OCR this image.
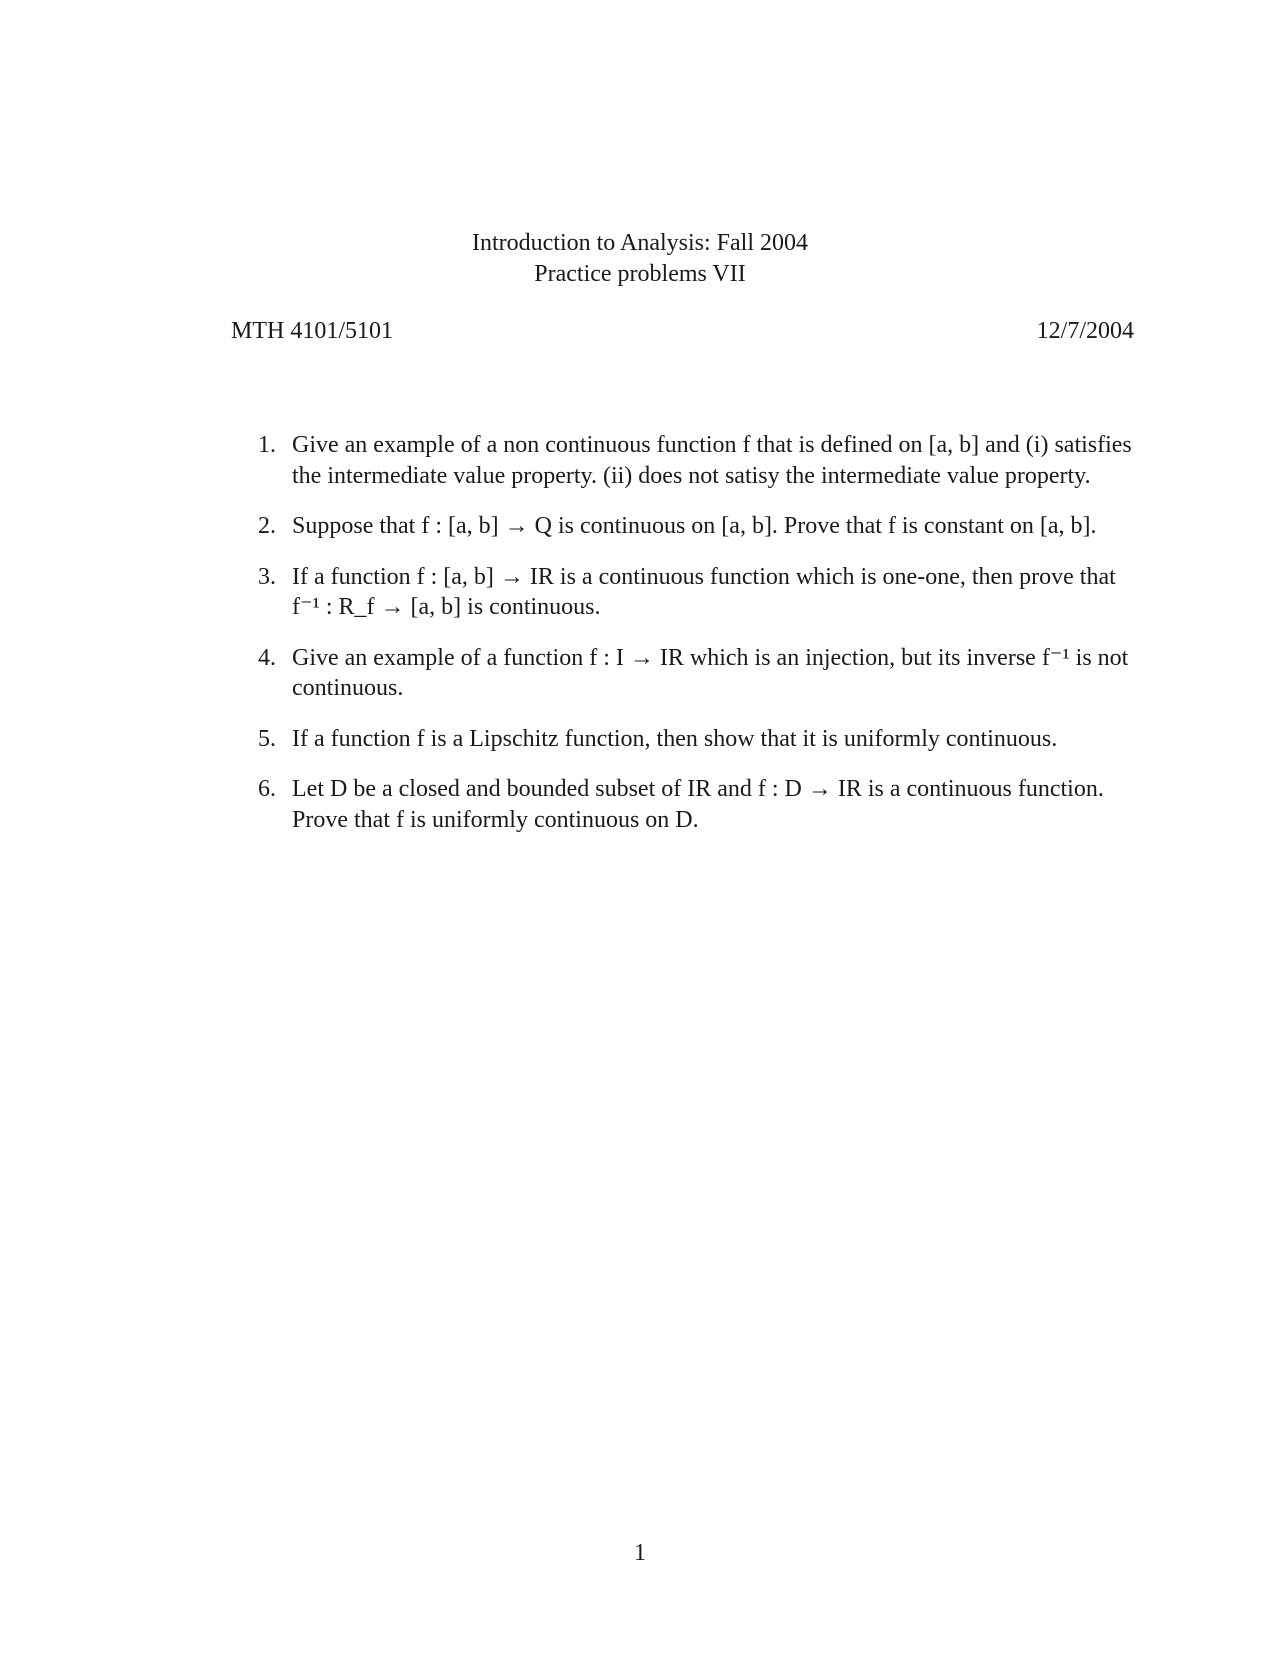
Introduction to Analysis: Fall 2004
Practice problems VII
MTH 4101/5101	12/7/2004
1. Give an example of a non continuous function f that is defined on [a, b] and (i) satisfies the intermediate value property. (ii) does not satisy the intermediate value property.
2. Suppose that f : [a, b] → Q is continuous on [a, b]. Prove that f is constant on [a, b].
3. If a function f : [a, b] → IR is a continuous function which is one-one, then prove that f⁻¹ : R_f → [a, b] is continuous.
4. Give an example of a function f : I → IR which is an injection, but its inverse f⁻¹ is not continuous.
5. If a function f is a Lipschitz function, then show that it is uniformly continuous.
6. Let D be a closed and bounded subset of IR and f : D → IR is a continuous function. Prove that f is uniformly continuous on D.
1
